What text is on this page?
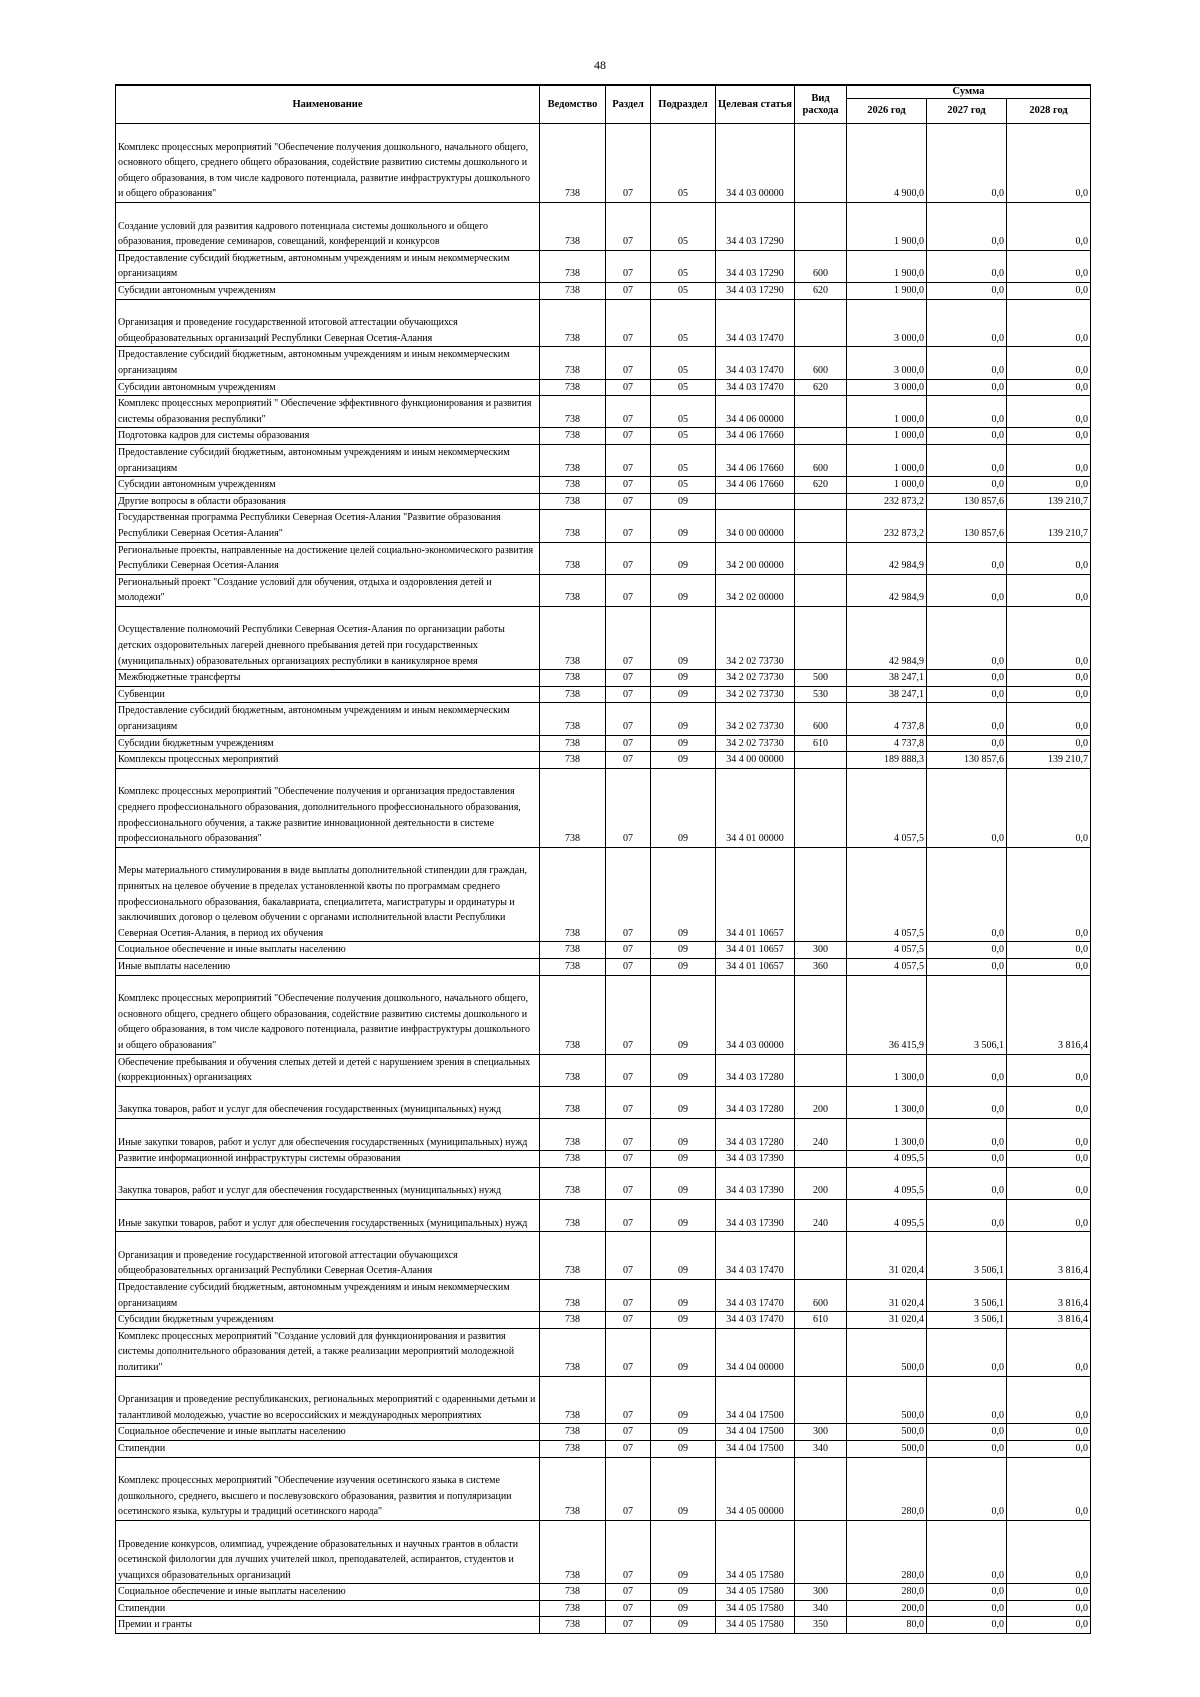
48
Наименование	Ведомство	Раздел	Подраздел	Целевая статья	Вид расхода	Сумма		
						2026 год	2027 год	2028 год
Комплекс процессных мероприятий "Обеспечение получения дошкольного, начального общего, основного общего, среднего общего образования, содействие развитию системы дошкольного и общего образования, в том числе кадрового потенциала, развитие инфраструктуры дошкольного и общего образования"	738	07	05	34 4 03 00000		4 900,0	0,0	0,0
Создание условий для развития кадрового потенциала системы дошкольного и общего образования, проведение семинаров, совещаний, конференций и конкурсов	738	07	05	34 4 03 17290		1 900,0	0,0	0,0
Предоставление субсидий бюджетным, автономным учреждениям и иным некоммерческим организациям	738	07	05	34 4 03 17290	600	1 900,0	0,0	0,0
Субсидии автономным учреждениям	738	07	05	34 4 03 17290	620	1 900,0	0,0	0,0
Организация и проведение государственной итоговой аттестации обучающихся общеобразовательных организаций Республики Северная Осетия-Алания	738	07	05	34 4 03 17470		3 000,0	0,0	0,0
Предоставление субсидий бюджетным, автономным учреждениям и иным некоммерческим организациям	738	07	05	34 4 03 17470	600	3 000,0	0,0	0,0
Субсидии автономным учреждениям	738	07	05	34 4 03 17470	620	3 000,0	0,0	0,0
Комплекс процессных мероприятий " Обеспечение эффективного функционирования и развития системы образования республики"	738	07	05	34 4 06 00000		1 000,0	0,0	0,0
Подготовка кадров для системы образования	738	07	05	34 4 06 17660		1 000,0	0,0	0,0
Предоставление субсидий бюджетным, автономным учреждениям и иным некоммерческим организациям	738	07	05	34 4 06 17660	600	1 000,0	0,0	0,0
Субсидии автономным учреждениям	738	07	05	34 4 06 17660	620	1 000,0	0,0	0,0
Другие вопросы в области образования	738	07	09			232 873,2	130 857,6	139 210,7
Государственная программа Республики Северная Осетия-Алания "Развитие образования Республики Северная Осетия-Алания"	738	07	09	34 0 00 00000		232 873,2	130 857,6	139 210,7
Региональные проекты, направленные на достижение целей социально-экономического развития Республики Северная Осетия-Алания	738	07	09	34 2 00 00000		42 984,9	0,0	0,0
Региональный проект "Создание условий для обучения, отдыха и оздоровления детей и молодежи"	738	07	09	34 2 02 00000		42 984,9	0,0	0,0
Осуществление полномочий Республики Северная Осетия-Алания по организации работы детских оздоровительных лагерей дневного пребывания детей при государственных (муниципальных) образовательных организациях республики в каникулярное время	738	07	09	34 2 02 73730		42 984,9	0,0	0,0
Межбюджетные трансферты	738	07	09	34 2 02 73730	500	38 247,1	0,0	0,0
Субвенции	738	07	09	34 2 02 73730	530	38 247,1	0,0	0,0
Предоставление субсидий бюджетным, автономным учреждениям и иным некоммерческим организациям	738	07	09	34 2 02 73730	600	4 737,8	0,0	0,0
Субсидии бюджетным учреждениям	738	07	09	34 2 02 73730	610	4 737,8	0,0	0,0
Комплексы процессных мероприятий	738	07	09	34 4 00 00000		189 888,3	130 857,6	139 210,7
Комплекс процессных мероприятий "Обеспечение получения и организация предоставления среднего профессионального образования, дополнительного профессионального образования, профессионального обучения, а также развитие инновационной деятельности в системе профессионального образования"	738	07	09	34 4 01 00000		4 057,5	0,0	0,0
Меры материального стимулирования в виде выплаты дополнительной стипендии для граждан, принятых на целевое обучение в пределах установленной квоты по программам среднего профессионального образования, бакалавриата, специалитета, магистратуры и ординатуры и заключивших договор о целевом обучении с органами исполнительной власти Республики Северная Осетия-Алания, в период их обучения	738	07	09	34 4 01 10657		4 057,5	0,0	0,0
Социальное обеспечение и иные выплаты населению	738	07	09	34 4 01 10657	300	4 057,5	0,0	0,0
Иные выплаты населению	738	07	09	34 4 01 10657	360	4 057,5	0,0	0,0
Комплекс процессных мероприятий "Обеспечение получения дошкольного, начального общего, основного общего, среднего общего образования, содействие развитию системы дошкольного и общего образования, в том числе кадрового потенциала, развитие инфраструктуры дошкольного и общего образования"	738	07	09	34 4 03 00000		36 415,9	3 506,1	3 816,4
Обеспечение пребывания и обучения слепых детей и детей с нарушением зрения в специальных (коррекционных) организациях	738	07	09	34 4 03 17280		1 300,0	0,0	0,0
Закупка товаров, работ и услуг для обеспечения государственных (муниципальных) нужд	738	07	09	34 4 03 17280	200	1 300,0	0,0	0,0
Иные закупки товаров, работ и услуг для обеспечения государственных (муниципальных) нужд	738	07	09	34 4 03 17280	240	1 300,0	0,0	0,0
Развитие информационной инфраструктуры системы образования	738	07	09	34 4 03 17390		4 095,5	0,0	0,0
Закупка товаров, работ и услуг для обеспечения государственных (муниципальных) нужд	738	07	09	34 4 03 17390	200	4 095,5	0,0	0,0
Иные закупки товаров, работ и услуг для обеспечения государственных (муниципальных) нужд	738	07	09	34 4 03 17390	240	4 095,5	0,0	0,0
Организация и проведение государственной итоговой аттестации обучающихся общеобразовательных организаций Республики Северная Осетия-Алания	738	07	09	34 4 03 17470		31 020,4	3 506,1	3 816,4
Предоставление субсидий бюджетным, автономным учреждениям и иным некоммерческим организациям	738	07	09	34 4 03 17470	600	31 020,4	3 506,1	3 816,4
Субсидии бюджетным учреждениям	738	07	09	34 4 03 17470	610	31 020,4	3 506,1	3 816,4
Комплекс процессных мероприятий "Создание условий для функционирования и развития системы дополнительного образования детей, а также реализации мероприятий молодежной политики"	738	07	09	34 4 04 00000		500,0	0,0	0,0
Организация и проведение республиканских, региональных мероприятий с одаренными детьми и талантливой молодежью, участие во всероссийских и международных мероприятиях	738	07	09	34 4 04 17500		500,0	0,0	0,0
Социальное обеспечение и иные выплаты населению	738	07	09	34 4 04 17500	300	500,0	0,0	0,0
Стипендии	738	07	09	34 4 04 17500	340	500,0	0,0	0,0
Комплекс процессных мероприятий "Обеспечение изучения осетинского языка в системе дошкольного, среднего, высшего и послевузовского образования, развития и популяризации осетинского языка, культуры и традиций осетинского народа"	738	07	09	34 4 05 00000		280,0	0,0	0,0
Проведение конкурсов, олимпиад, учреждение образовательных и научных грантов в области осетинской филологии для лучших учителей школ, преподавателей, аспирантов, студентов и учащихся образовательных организаций	738	07	09	34 4 05 17580		280,0	0,0	0,0
Социальное обеспечение и иные выплаты населению	738	07	09	34 4 05 17580	300	280,0	0,0	0,0
Стипендии	738	07	09	34 4 05 17580	340	200,0	0,0	0,0
Премии и гранты	738	07	09	34 4 05 17580	350	80,0	0,0	0,0
